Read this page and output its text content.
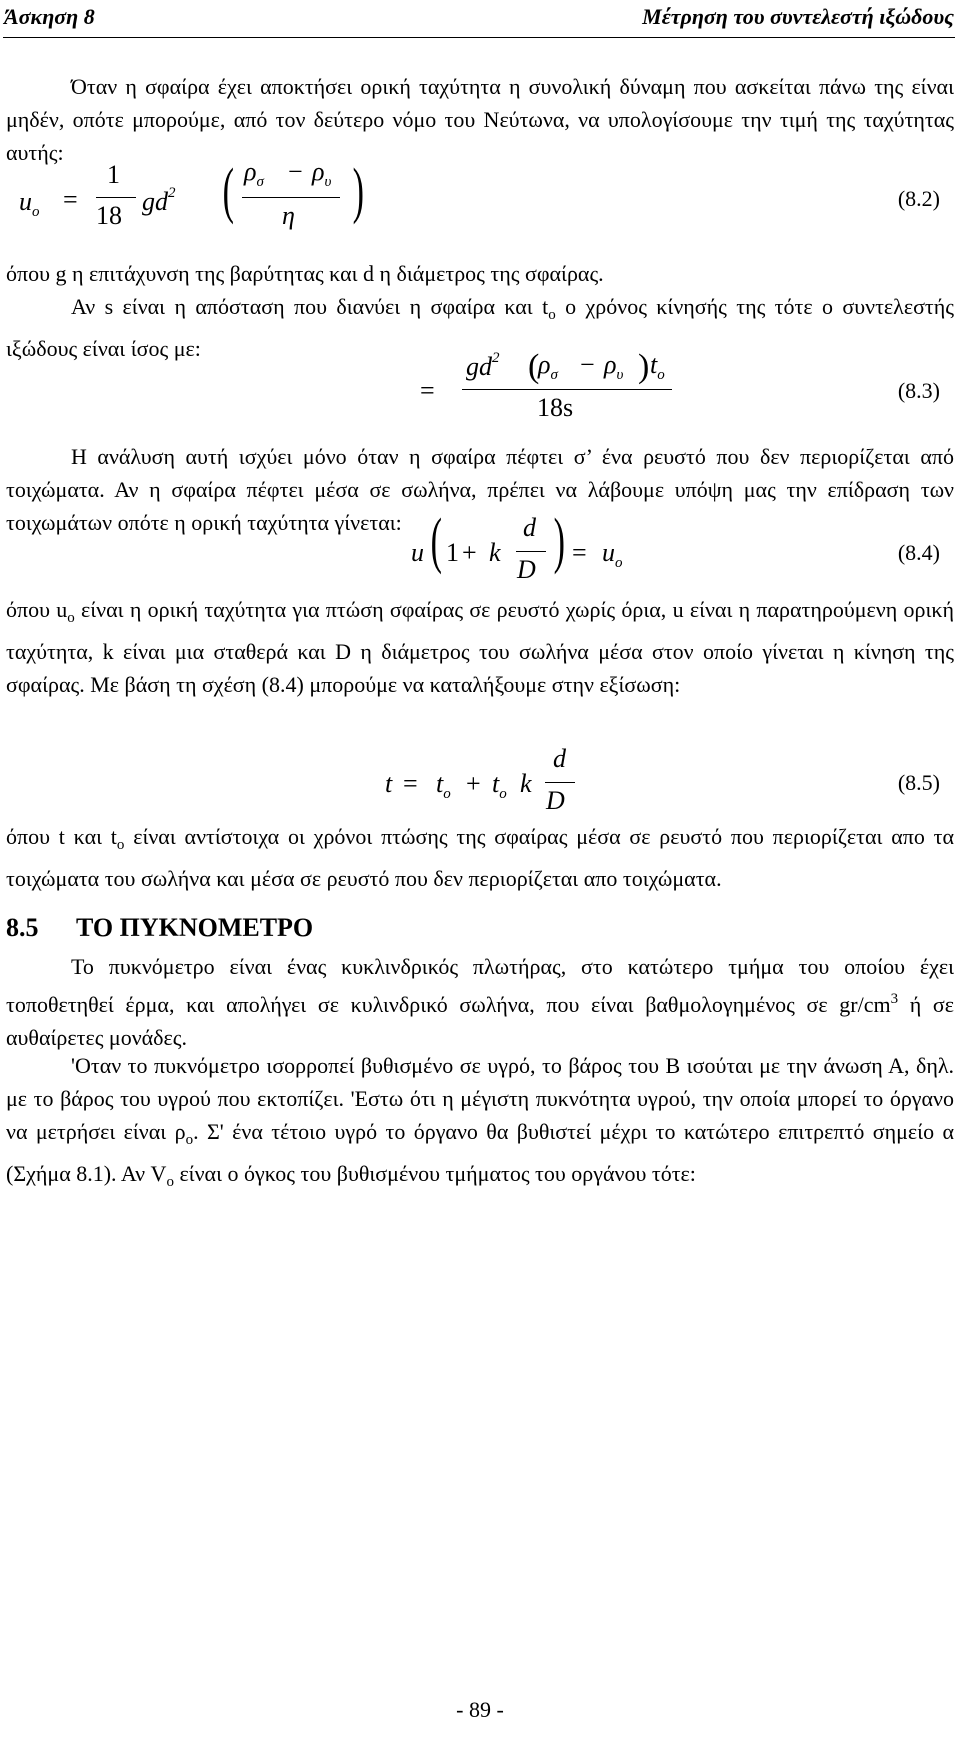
Άσκηση 8	Μέτρηση του συντελεστή ιξώδους
Όταν η σφαίρα έχει αποκτήσει ορική ταχύτητα η συνολική δύναμη που ασκείται πάνω της είναι μηδέν, οπότε μπορούμε, από τον δεύτερο νόμο του Νεύτωνα, να υπολογίσουμε την τιμή της ταχύτητας αυτής:
$u_o$ =
1
18 $gd^2$ ( $\rho_\sigma - \rho_\upsilon$
η )	(8.2)
όπου g η επιτάχυνση της βαρύτητας και d η διάμετρος της σφαίρας.
Αν s είναι η απόσταση που διανύει η σφαίρα και $t_o$ ο χρόνος κίνησής της τότε ο συντελεστής ιξώδους είναι ίσος με:
=
$gd^2$ (
$\rho_\sigma - \rho_\upsilon$ ) $t_o$
18s
(8.3)
Η ανάλυση αυτή ισχύει μόνο όταν η σφαίρα πέφτει σ’ ένα ρευστό που δεν περιορίζεται από τοιχώματα. Αν η σφαίρα πέφτει μέσα σε σωλήνα, πρέπει να λάβουμε υπόψη μας την επίδραση των τοιχωμάτων οπότε η ορική ταχύτητα γίνεται:
u ( 1 + k
d
D ) = $u_o$	(8.4)
όπου $u_o$ είναι η ορική ταχύτητα για πτώση σφαίρας σε ρευστό χωρίς όρια, u είναι η παρατηρούμενη ορική ταχύτητα, k είναι μια σταθερά και D η διάμετρος του σωλήνα μέσα στον οποίο γίνεται η κίνηση της σφαίρας. Με βάση τη σχέση (8.4) μπορούμε να καταλήξουμε στην εξίσωση:
$t = t_o + t_o$ k
d
D
(8.5)
όπου t και $t_o$ είναι αντίστοιχα οι χρόνοι πτώσης της σφαίρας μέσα σε ρευστό που περιορίζεται απο τα τοιχώματα του σωλήνα και μέσα σε ρευστό που δεν περιορίζεται απο τοιχώματα.
8.5 ΤΟ ΠΥΚΝΟΜΕΤΡΟ
Το πυκνόμετρο είναι ένας κυκλινδρικός πλωτήρας, στο κατώτερο τμήμα του οποίου έχει τοποθετηθεί έρμα, και απολήγει σε κυλινδρικό σωλήνα, που είναι βαθμολογημένος σε $gr/cm^3$ ή σε αυθαίρετες μονάδες.
'Οταν το πυκνόμετρο ισορροπεί βυθισμένο σε υγρό, το βάρος του Β ισούται με την άνωση Α, δηλ. με το βάρος του υγρού που εκτοπίζει. 'Εστω ότι η μέγιστη πυκνότητα υγρού, την οποία μπορεί το όργανο να μετρήσει είναι $\rho_o$. Σ' ένα τέτοιο υγρό το όργανο θα βυθιστεί μέχρι το κατώτερο επιτρεπτό σημείο α (Σχήμα 8.1). Αν $V_o$ είναι ο όγκος του βυθισμένου τμήματος του οργάνου τότε:
- 89 -
